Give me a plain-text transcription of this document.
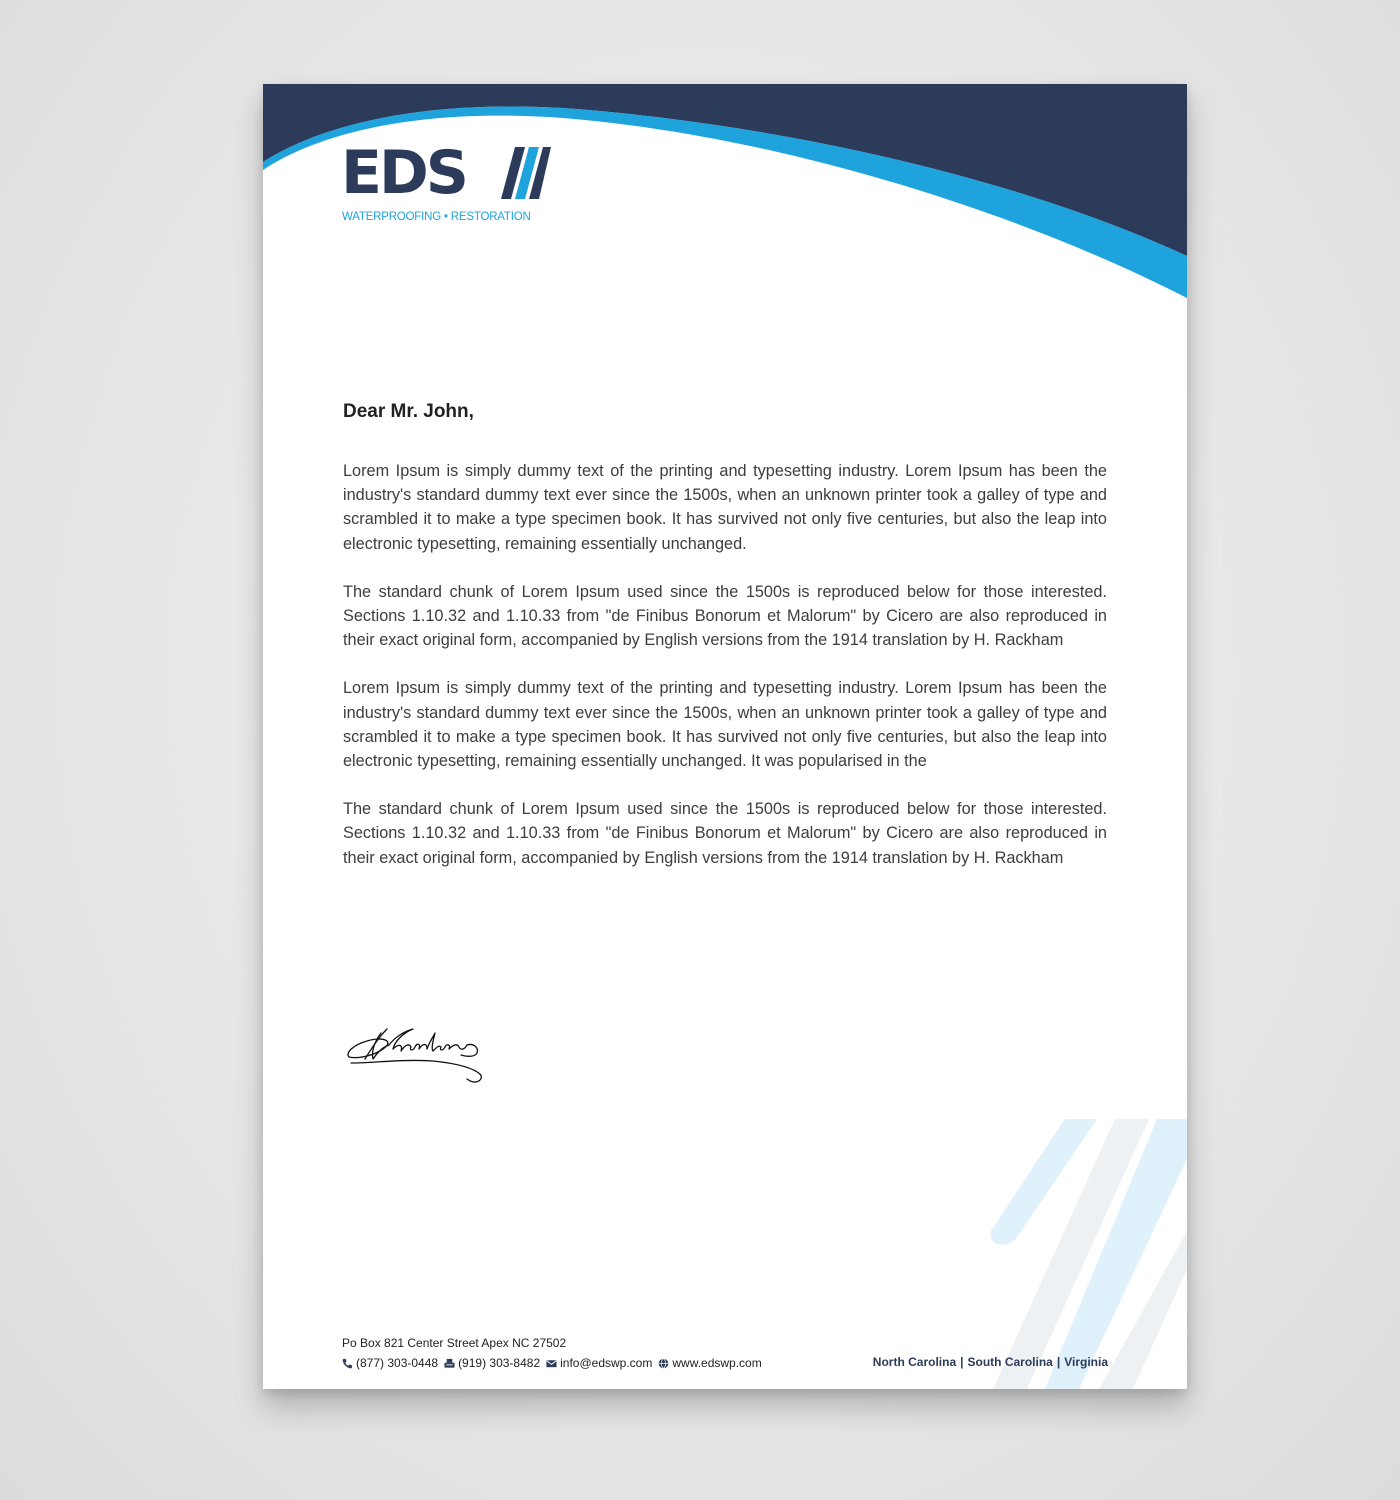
EDS
WATERPROOFING • RESTORATION

Dear Mr. John,

Lorem Ipsum is simply dummy text of the printing and typesetting industry. Lorem Ipsum has been the industry's standard dummy text ever since the 1500s, when an unknown printer took a galley of type and scrambled it to make a type specimen book. It has survived not only five centuries, but also the leap into electronic typesetting, remaining essentially unchanged.

The standard chunk of Lorem Ipsum used since the 1500s is reproduced below for those interested. Sections 1.10.32 and 1.10.33 from "de Finibus Bonorum et Malorum" by Cicero are also reproduced in their exact original form, accompanied by English versions from the 1914 translation by H. Rackham

Lorem Ipsum is simply dummy text of the printing and typesetting industry. Lorem Ipsum has been the industry's standard dummy text ever since the 1500s, when an unknown printer took a galley of type and scrambled it to make a type specimen book. It has survived not only five centuries, but also the leap into electronic typesetting, remaining essentially unchanged. It was popularised in the

The standard chunk of Lorem Ipsum used since the 1500s is reproduced below for those interested. Sections 1.10.32 and 1.10.33 from "de Finibus Bonorum et Malorum" by Cicero are also reproduced in their exact original form, accompanied by English versions from the 1914 translation by H. Rackham

Po Box 821 Center Street Apex NC 27502

(877) 303-0448 (919) 303-8482 info@edswp.com www.edswp.com	North Carolina | South Carolina | Virginia
